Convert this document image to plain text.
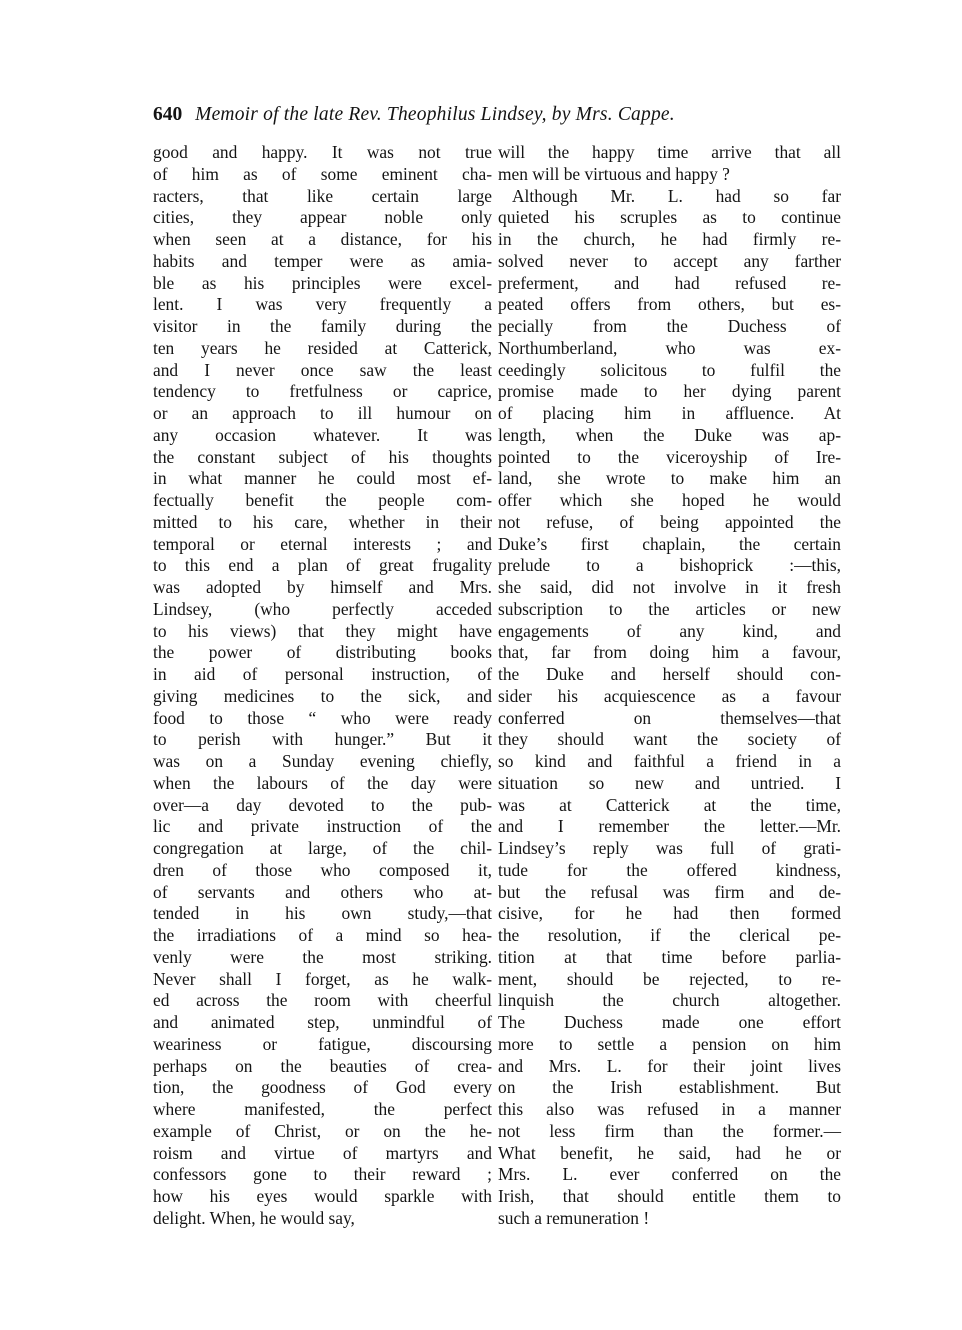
640 Memoir of the late Rev. Theophilus Lindsey, by Mrs. Cappe.
good and happy. It was not true
of him as of some eminent cha-
racters, that like certain large
cities, they appear noble only
when seen at a distance, for his
habits and temper were as amia-
ble as his principles were excel-
lent. I was very frequently a
visitor in the family during the
ten years he resided at Catterick,
and I never once saw the least
tendency to fretfulness or caprice,
or an approach to ill humour on
any occasion whatever. It was
the constant subject of his thoughts
in what manner he could most ef-
fectually benefit the people com-
mitted to his care, whether in their
temporal or eternal interests ; and
to this end a plan of great frugality
was adopted by himself and Mrs.
Lindsey, (who perfectly acceded
to his views) that they might have
the power of distributing books
in aid of personal instruction, of
giving medicines to the sick, and
food to those “ who were ready
to perish with hunger.” But it
was on a Sunday evening chiefly,
when the labours of the day were
over—a day devoted to the pub-
lic and private instruction of the
congregation at large, of the chil-
dren of those who composed it,
of servants and others who at-
tended in his own study,—that
the irradiations of a mind so hea-
venly were the most striking.
Never shall I forget, as he walk-
ed across the room with cheerful
and animated step, unmindful of
weariness or fatigue, discoursing
perhaps on the beauties of crea-
tion, the goodness of God every
where manifested, the perfect
example of Christ, or on the he-
roism and virtue of martyrs and
confessors gone to their reward ;
how his eyes would sparkle with
delight. When, he would say,
will the happy time arrive that all
men will be virtuous and happy ?
Although Mr. L. had so far
quieted his scruples as to continue
in the church, he had firmly re-
solved never to accept any farther
preferment, and had refused re-
peated offers from others, but es-
pecially from the Duchess of
Northumberland, who was ex-
ceedingly solicitous to fulfil the
promise made to her dying parent
of placing him in affluence. At
length, when the Duke was ap-
pointed to the viceroyship of Ire-
land, she wrote to make him an
offer which she hoped he would
not refuse, of being appointed the
Duke’s first chaplain, the certain
prelude to a bishoprick :—this,
she said, did not involve in it fresh
subscription to the articles or new
engagements of any kind, and
that, far from doing him a favour,
the Duke and herself should con-
sider his acquiescence as a favour
conferred on themselves—that
they should want the society of
so kind and faithful a friend in a
situation so new and untried. I
was at Catterick at the time,
and I remember the letter.—Mr.
Lindsey’s reply was full of grati-
tude for the offered kindness,
but the refusal was firm and de-
cisive, for he had then formed
the resolution, if the clerical pe-
tition at that time before parlia-
ment, should be rejected, to re-
linquish the church altogether.
The Duchess made one effort
more to settle a pension on him
and Mrs. L. for their joint lives
on the Irish establishment. But
this also was refused in a manner
not less firm than the former.—
What benefit, he said, had he or
Mrs. L. ever conferred on the
Irish, that should entitle them to
such a remuneration !
